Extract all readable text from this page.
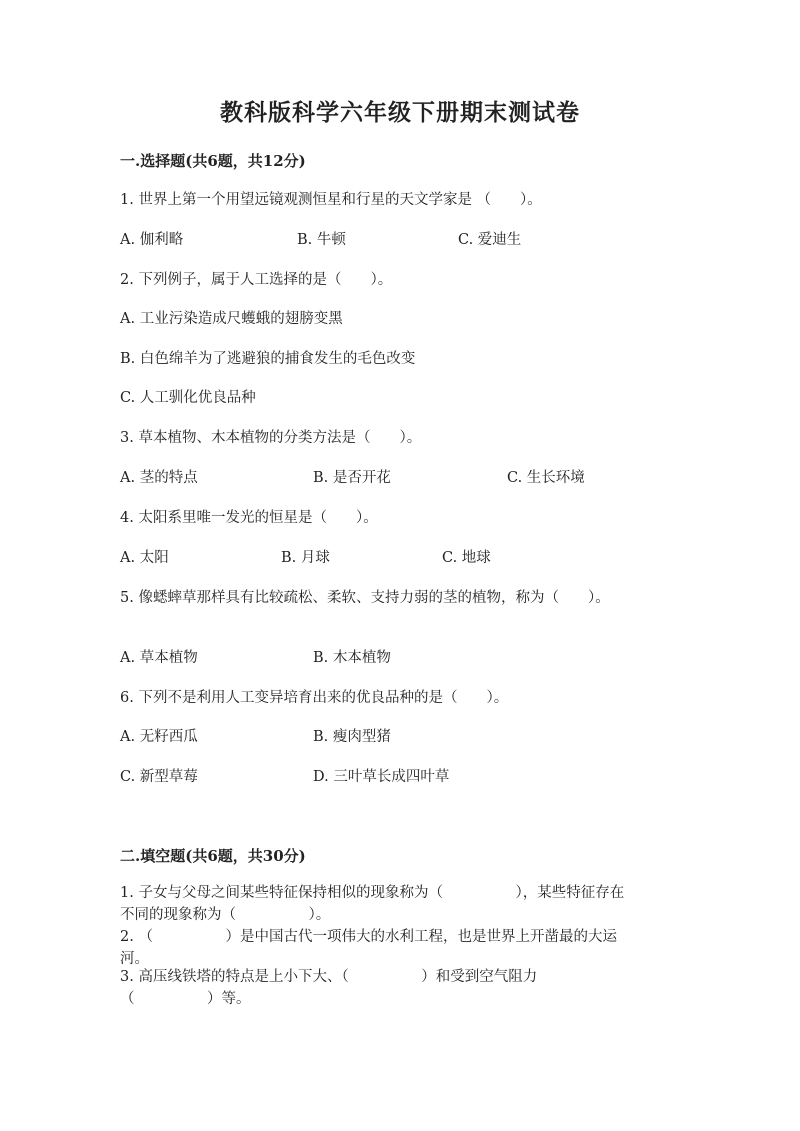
教科版科学六年级下册期末测试卷
一.选择题(共6题，共12分)
1. 世界上第一个用望远镜观测恒星和行星的天文学家是 （　　）。
A. 伽利略	B. 牛顿	C. 爱迪生
2. 下列例子，属于人工选择的是（　　）。
A. 工业污染造成尺蠖蛾的翅膀变黑
B. 白色绵羊为了逃避狼的捕食发生的毛色改变
C. 人工驯化优良品种
3. 草本植物、木本植物的分类方法是（　　）。
A. 茎的特点	B. 是否开花	C. 生长环境
4. 太阳系里唯一发光的恒星是（　　）。
A. 太阳	B. 月球	C. 地球
5. 像蟋蟀草那样具有比较疏松、柔软、支持力弱的茎的植物，称为（　　）。
A. 草本植物	B. 木本植物
6. 下列不是利用人工变异培育出来的优良品种的是（　　）。
A. 无籽西瓜	B. 瘦肉型猪
C. 新型草莓	D. 三叶草长成四叶草
二.填空题(共6题，共30分)
1. 子女与父母之间某些特征保持相似的现象称为（　　　　　），某些特征存在
不同的现象称为（　　　　　）。
2. （　　　　　）是中国古代一项伟大的水利工程，也是世界上开凿最的大运
河。
3. 高压线铁塔的特点是上小下大、（　　　　　）和受到空气阻力
（　　　　　）等。
